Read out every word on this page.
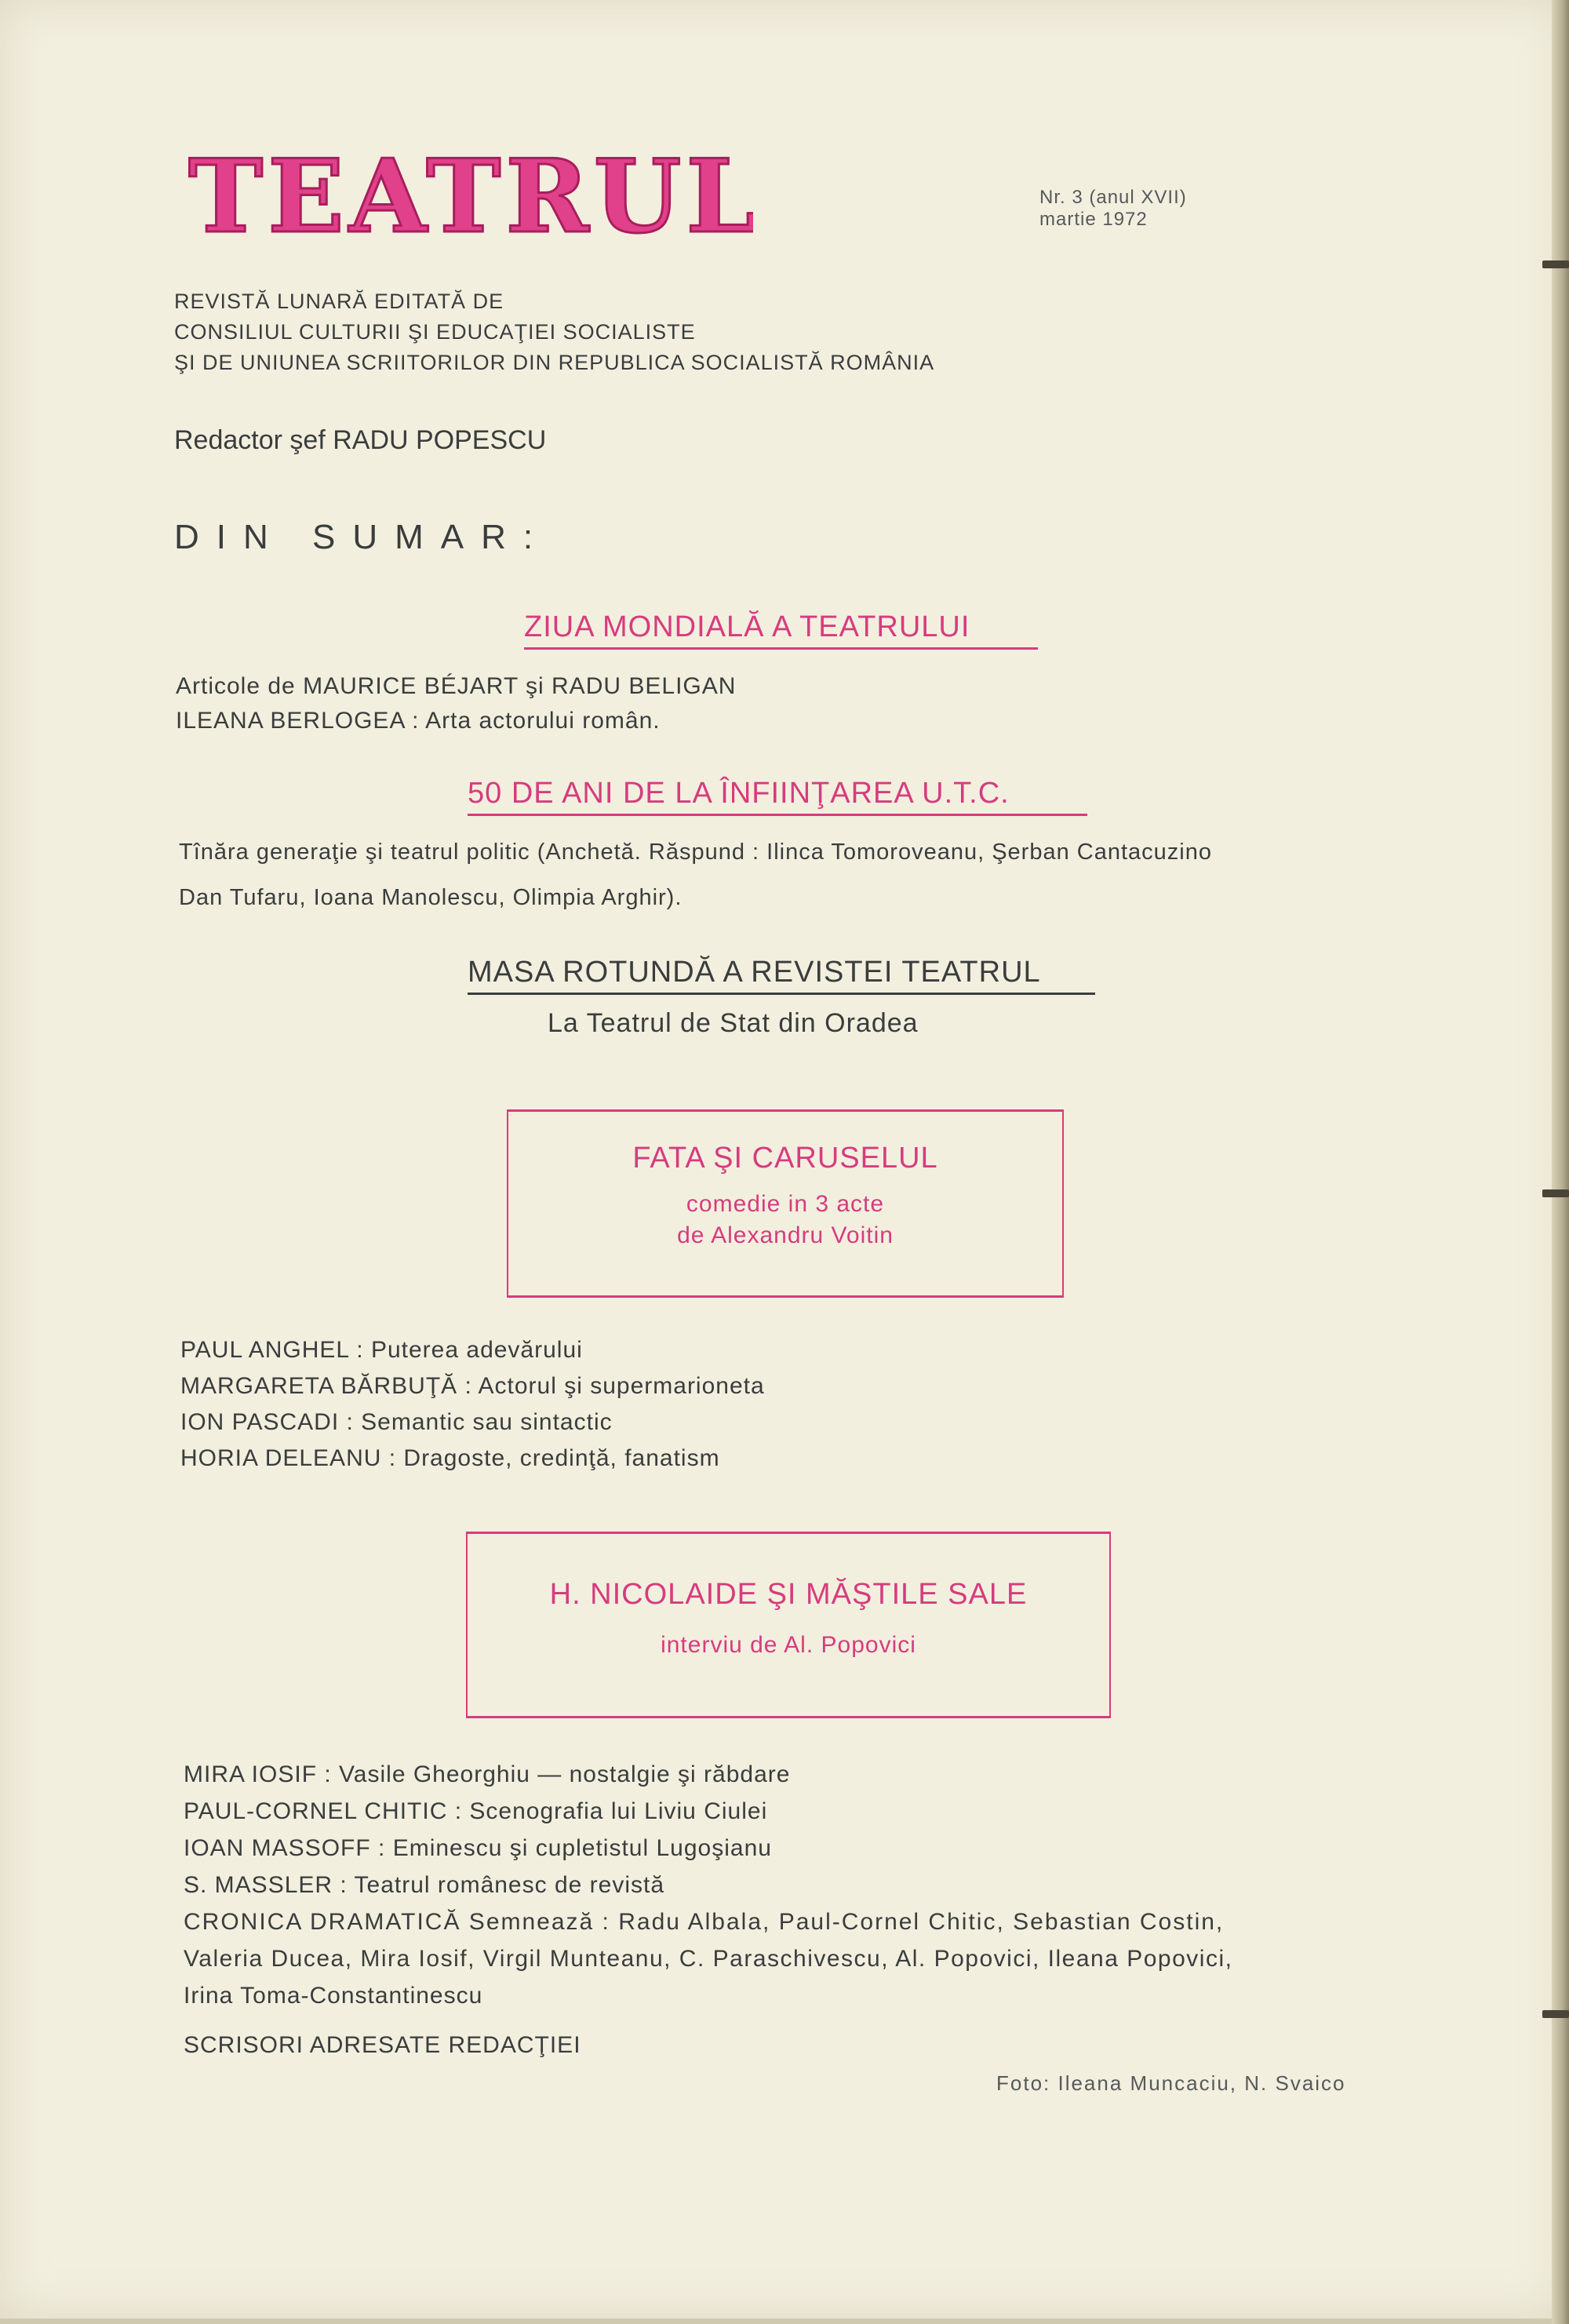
TEATRUL	Nr. 3 (anul XVII)
martie 1972
REVISTĂ LUNARĂ EDITATĂ DE
CONSILIUL CULTURII ŞI EDUCAŢIEI SOCIALISTE
ŞI DE UNIUNEA SCRIITORILOR DIN REPUBLICA SOCIALISTĂ ROMÂNIA
Redactor şef RADU POPESCU
DIN SUMAR:
ZIUA MONDIALĂ A TEATRULUI
Articole de MAURICE BÉJART şi RADU BELIGAN
ILEANA BERLOGEA : Arta actorului român.
50 DE ANI DE LA ÎNFIINŢAREA U.T.C.
Tînăra generaţie şi teatrul politic (Anchetă. Răspund : Ilinca Tomoroveanu, Şerban Cantacuzino
Dan Tufaru, Ioana Manolescu, Olimpia Arghir).
MASA ROTUNDĂ A REVISTEI TEATRUL
La Teatrul de Stat din Oradea
FATA ŞI CARUSELUL
comedie in 3 acte
de Alexandru Voitin
PAUL ANGHEL : Puterea adevărului
MARGARETA BĂRBUŢĂ : Actorul şi supermarioneta
ION PASCADI : Semantic sau sintactic
HORIA DELEANU : Dragoste, credinţă, fanatism
H. NICOLAIDE ŞI MĂŞTILE SALE
interviu de Al. Popovici
MIRA IOSIF : Vasile Gheorghiu — nostalgie şi răbdare
PAUL-CORNEL CHITIC : Scenografia lui Liviu Ciulei
IOAN MASSOFF : Eminescu şi cupletistul Lugoşianu
S. MASSLER : Teatrul românesc de revistă
CRONICA DRAMATICĂ Semnează : Radu Albala, Paul-Cornel Chitic, Sebastian Costin,
Valeria Ducea, Mira Iosif, Virgil Munteanu, C. Paraschivescu, Al. Popovici, Ileana Popovici,
Irina Toma-Constantinescu
SCRISORI ADRESATE REDACŢIEI
Foto: Ileana Muncaciu, N. Svaico
